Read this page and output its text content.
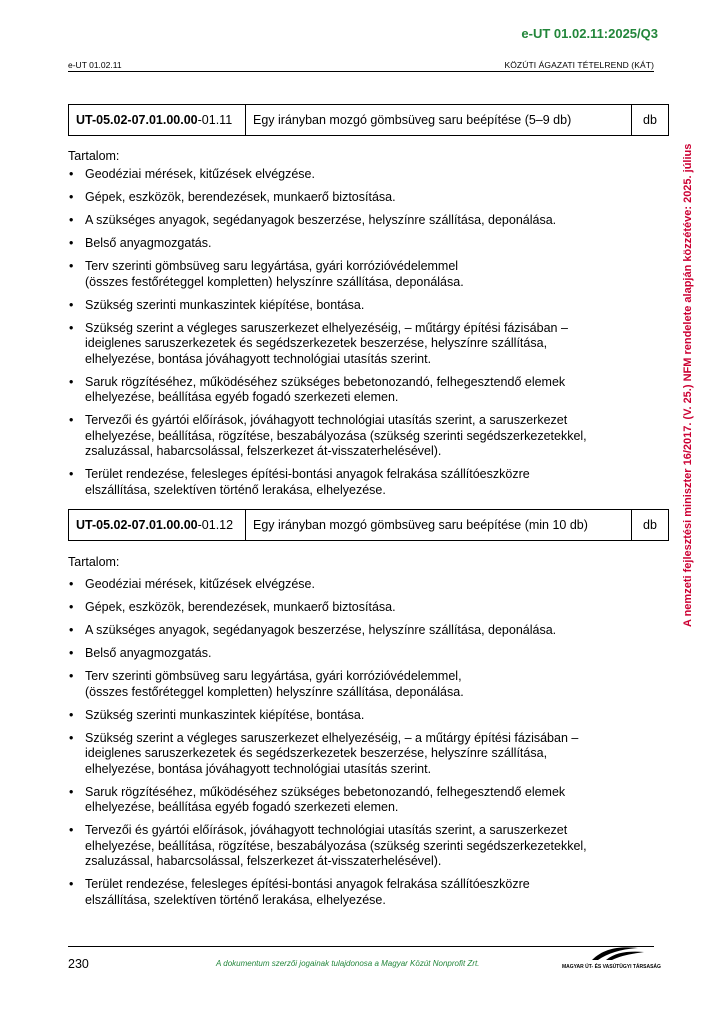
e-UT 01.02.11:2025/Q3
e-UT 01.02.11	KÖZÚTI ÁGAZATI TÉTELREND (KÁT)
A nemzeti fejlesztési miniszter 16/2017. (V. 25.) NFM rendelete alapján közzétéve: 2025. július
UT-05.02-07.01.00.00-01.11	Egy irányban mozgó gömbsüveg saru beépítése (5–9 db)	db
Tartalom:
• Geodéziai mérések, kitűzések elvégzése.
• Gépek, eszközök, berendezések, munkaerő biztosítása.
• A szükséges anyagok, segédanyagok beszerzése, helyszínre szállítása, deponálása.
• Belső anyagmozgatás.
• Terv szerinti gömbsüveg saru legyártása, gyári korrózióvédelemmel
(összes festőréteggel kompletten) helyszínre szállítása, deponálása.
• Szükség szerinti munkaszintek kiépítése, bontása.
• Szükség szerint a végleges saruszerkezet elhelyezéséig, – műtárgy építési fázisában –
ideiglenes saruszerkezetek és segédszerkezetek beszerzése, helyszínre szállítása,
elhelyezése, bontása jóváhagyott technológiai utasítás szerint.
• Saruk rögzítéséhez, működéséhez szükséges bebetonozandó, felhegesztendő elemek
elhelyezése, beállítása egyéb fogadó szerkezeti elemen.
• Tervezői és gyártói előírások, jóváhagyott technológiai utasítás szerint, a saruszerkezet
elhelyezése, beállítása, rögzítése, beszabályozása (szükség szerinti segédszerkezetekkel,
zsaluzással, habarcsolással, felszerkezet át-visszaterhelésével).
• Terület rendezése, felesleges építési-bontási anyagok felrakása szállítóeszközre
elszállítása, szelektíven történő lerakása, elhelyezése.
UT-05.02-07.01.00.00-01.12	Egy irányban mozgó gömbsüveg saru beépítése (min 10 db)	db
Tartalom:
• Geodéziai mérések, kitűzések elvégzése.
• Gépek, eszközök, berendezések, munkaerő biztosítása.
• A szükséges anyagok, segédanyagok beszerzése, helyszínre szállítása, deponálása.
• Belső anyagmozgatás.
• Terv szerinti gömbsüveg saru legyártása, gyári korrózióvédelemmel,
(összes festőréteggel kompletten) helyszínre szállítása, deponálása.
• Szükség szerinti munkaszintek kiépítése, bontása.
• Szükség szerint a végleges saruszerkezet elhelyezéséig, – a műtárgy építési fázisában –
ideiglenes saruszerkezetek és segédszerkezetek beszerzése, helyszínre szállítása,
elhelyezése, bontása jóváhagyott technológiai utasítás szerint.
• Saruk rögzítéséhez, működéséhez szükséges bebetonozandó, felhegesztendő elemek
elhelyezése, beállítása egyéb fogadó szerkezeti elemen.
• Tervezői és gyártói előírások, jóváhagyott technológiai utasítás szerint, a saruszerkezet
elhelyezése, beállítása, rögzítése, beszabályozása (szükség szerinti segédszerkezetekkel,
zsaluzással, habarcsolással, felszerkezet át-visszaterhelésével).
• Terület rendezése, felesleges építési-bontási anyagok felrakása szállítóeszközre
elszállítása, szelektíven történő lerakása, elhelyezése.
230	A dokumentum szerzői jogainak tulajdonosa a Magyar Közút Nonprofit Zrt.	MAGYAR ÚT- ÉS VASÚTÜGYI TÁRSASÁG
